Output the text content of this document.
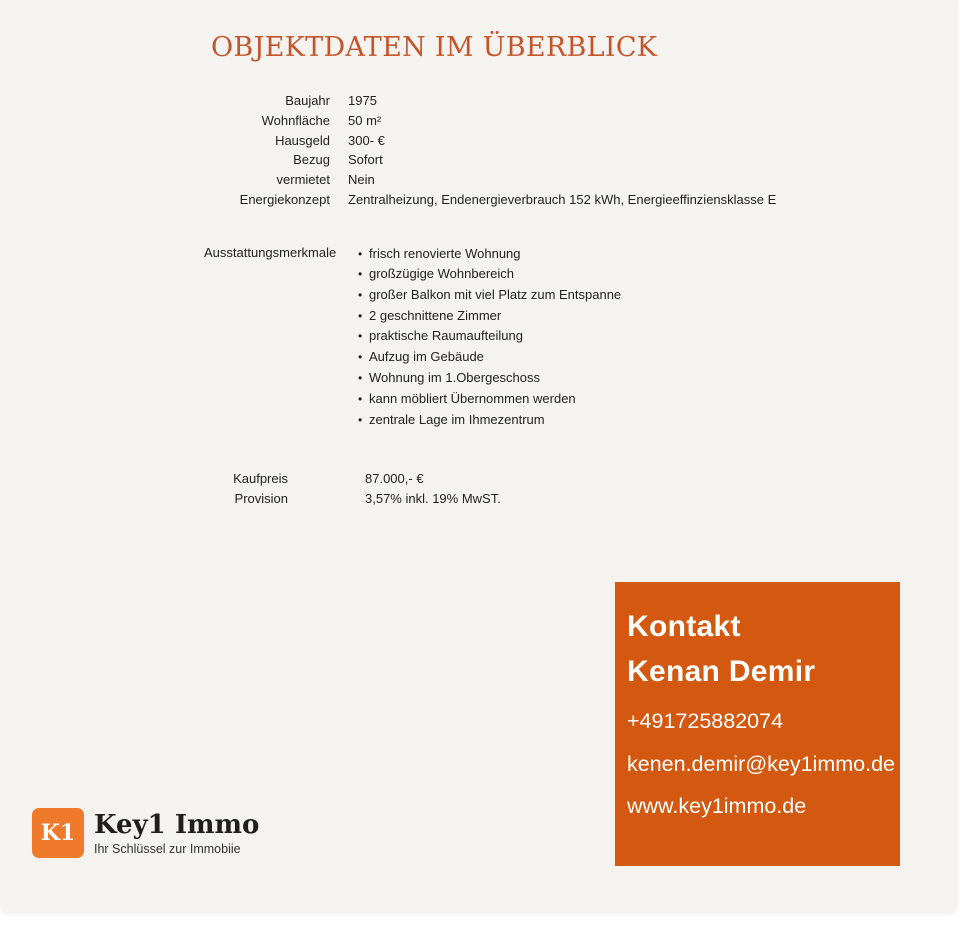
OBJEKTDATEN IM ÜBERBLICK
Baujahr	1975
Wohnfläche	50 m²
Hausgeld	300- €
Bezug	Sofort
vermietet	Nein
Energiekonzept	Zentralheizung, Endenergieverbrauch 152 kWh, Energieeffinziensklasse E
Ausstattungsmerkmale • frisch renovierte Wohnung
• großzügige Wohnbereich
• großer Balkon mit viel Platz zum Entspanne
• 2 geschnittene Zimmer
• praktische Raumaufteilung
• Aufzug im Gebäude
• Wohnung im 1.Obergeschoss
• kann möbliert Übernommen werden
• zentrale Lage im Ihmezentrum
Kaufpreis	87.000,- €
Provision	3,57% inkl. 19% MwST.
Kontakt
Kenan Demir
+491725882074
kenen.demir@key1immo.de
www.key1immo.de
K1 Key1 Immo
Ihr Schlüssel zur Immobiie
